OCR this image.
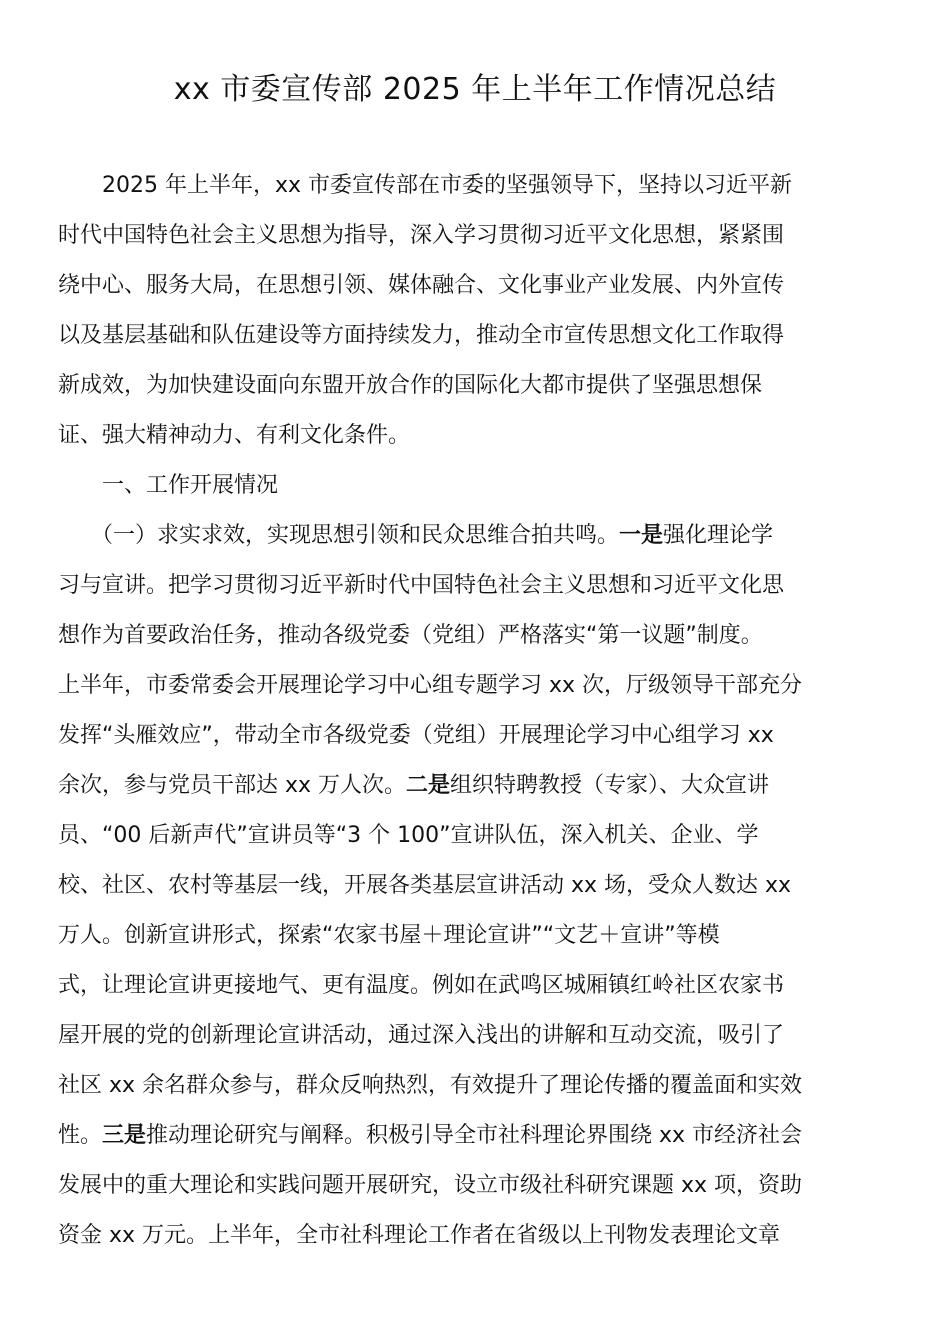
xx 市委宣传部 2025 年上半年工作情况总结
　　2025 年上半年，xx 市委宣传部在市委的坚强领导下，坚持以习近平新
时代中国特色社会主义思想为指导，深入学习贯彻习近平文化思想，紧紧围
绕中心、服务大局，在思想引领、媒体融合、文化事业产业发展、内外宣传
以及基层基础和队伍建设等方面持续发力，推动全市宣传思想文化工作取得
新成效，为加快建设面向东盟开放合作的国际化大都市提供了坚强思想保
证、强大精神动力、有利文化条件。
　　一、工作开展情况
　　（一）求实求效，实现思想引领和民众思维合拍共鸣。一是强化理论学
习与宣讲。把学习贯彻习近平新时代中国特色社会主义思想和习近平文化思
想作为首要政治任务，推动各级党委（党组）严格落实“第一议题”制度。
上半年，市委常委会开展理论学习中心组专题学习 xx 次，厅级领导干部充分
发挥“头雁效应”，带动全市各级党委（党组）开展理论学习中心组学习 xx
余次，参与党员干部达 xx 万人次。二是组织特聘教授（专家）、大众宣讲
员、“00 后新声代”宣讲员等“3 个 100”宣讲队伍，深入机关、企业、学
校、社区、农村等基层一线，开展各类基层宣讲活动 xx 场，受众人数达 xx
万人。创新宣讲形式，探索“农家书屋＋理论宣讲”“文艺＋宣讲”等模
式，让理论宣讲更接地气、更有温度。例如在武鸣区城厢镇红岭社区农家书
屋开展的党的创新理论宣讲活动，通过深入浅出的讲解和互动交流，吸引了
社区 xx 余名群众参与，群众反响热烈，有效提升了理论传播的覆盖面和实效
性。三是推动理论研究与阐释。积极引导全市社科理论界围绕 xx 市经济社会
发展中的重大理论和实践问题开展研究，设立市级社科研究课题 xx 项，资助
资金 xx 万元。上半年，全市社科理论工作者在省级以上刊物发表理论文章
